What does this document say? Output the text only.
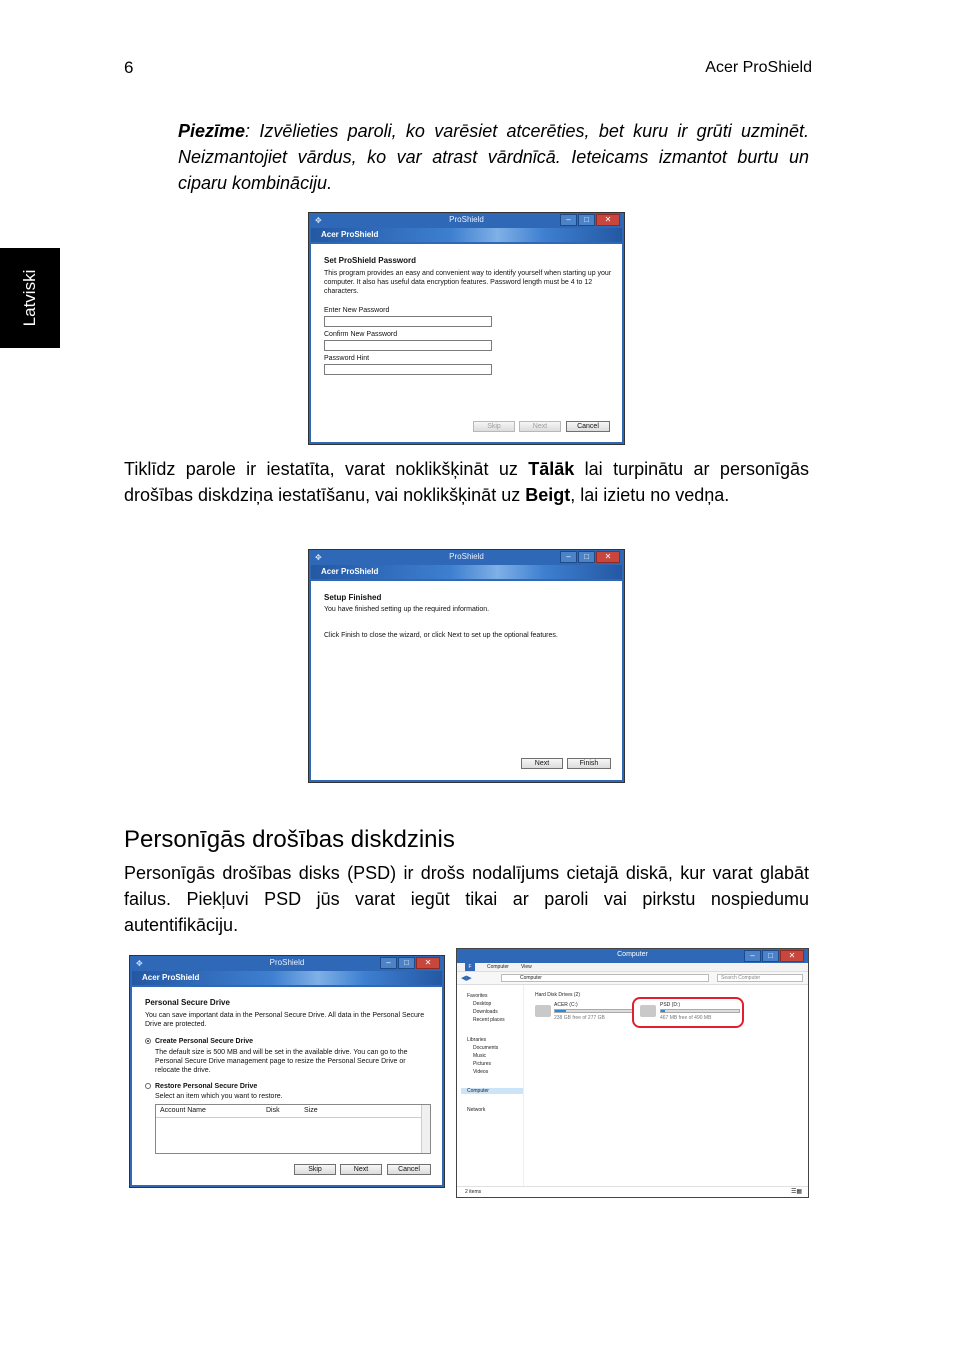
6	Acer ProShield
Latviski
Piezīme: Izvēlieties paroli, ko varēsiet atcerēties, bet kuru ir grūti uzminēt. Neizmantojiet vārdus, ko var atrast vārdnīcā. Ieteicams izmantot burtu un ciparu kombināciju.
✥	ProShield	–	□	✕
Acer ProShield
Set ProShield Password
This program provides an easy and convenient way to identify yourself when starting up your computer. It also has useful data encryption features. Password length must be 4 to 12 characters.
Enter New Password
Confirm New Password
Password Hint
Skip	Next	Cancel
Tiklīdz parole ir iestatīta, varat noklikšķināt uz Tālāk lai turpinātu ar personīgās drošības diskdziņa iestatīšanu, vai noklikšķināt uz Beigt, lai izietu no vedņa.
✥	ProShield	–	□	✕
Acer ProShield
Setup Finished
You have finished setting up the required information.
Click Finish to close the wizard, or click Next to set up the optional features.
Next	Finish
Personīgās drošības diskdzinis
Personīgās drošības disks (PSD) ir drošs nodalījums cietajā diskā, kur varat glabāt failus. Piekļuvi PSD jūs varat iegūt tikai ar paroli vai pirkstu nospiedumu autentifikāciju.
✥	ProShield	–	□	✕
Acer ProShield
Personal Secure Drive
You can save important data in the Personal Secure Drive. All data in the Personal Secure Drive are protected.
Create Personal Secure Drive
The default size is 500 MB and will be set in the available drive. You can go to the Personal Secure Drive management page to resize the Personal Secure Drive or relocate the drive.
Restore Personal Secure Drive
Select an item which you want to restore.
Account Name	Disk	Size
Skip	Next	Cancel
Computer	–	□	✕
F	Computer View
◀▶	Computer	Search Computer
Favorites
Desktop
Downloads
Recent places
Libraries
Documents
Music
Pictures
Videos
Computer
Network
Hard Disk Drives (2)
ACER (C:)
238 GB free of 277 GB
PSD (D:)
467 MB free of 490 MB
2 items	☰▦
